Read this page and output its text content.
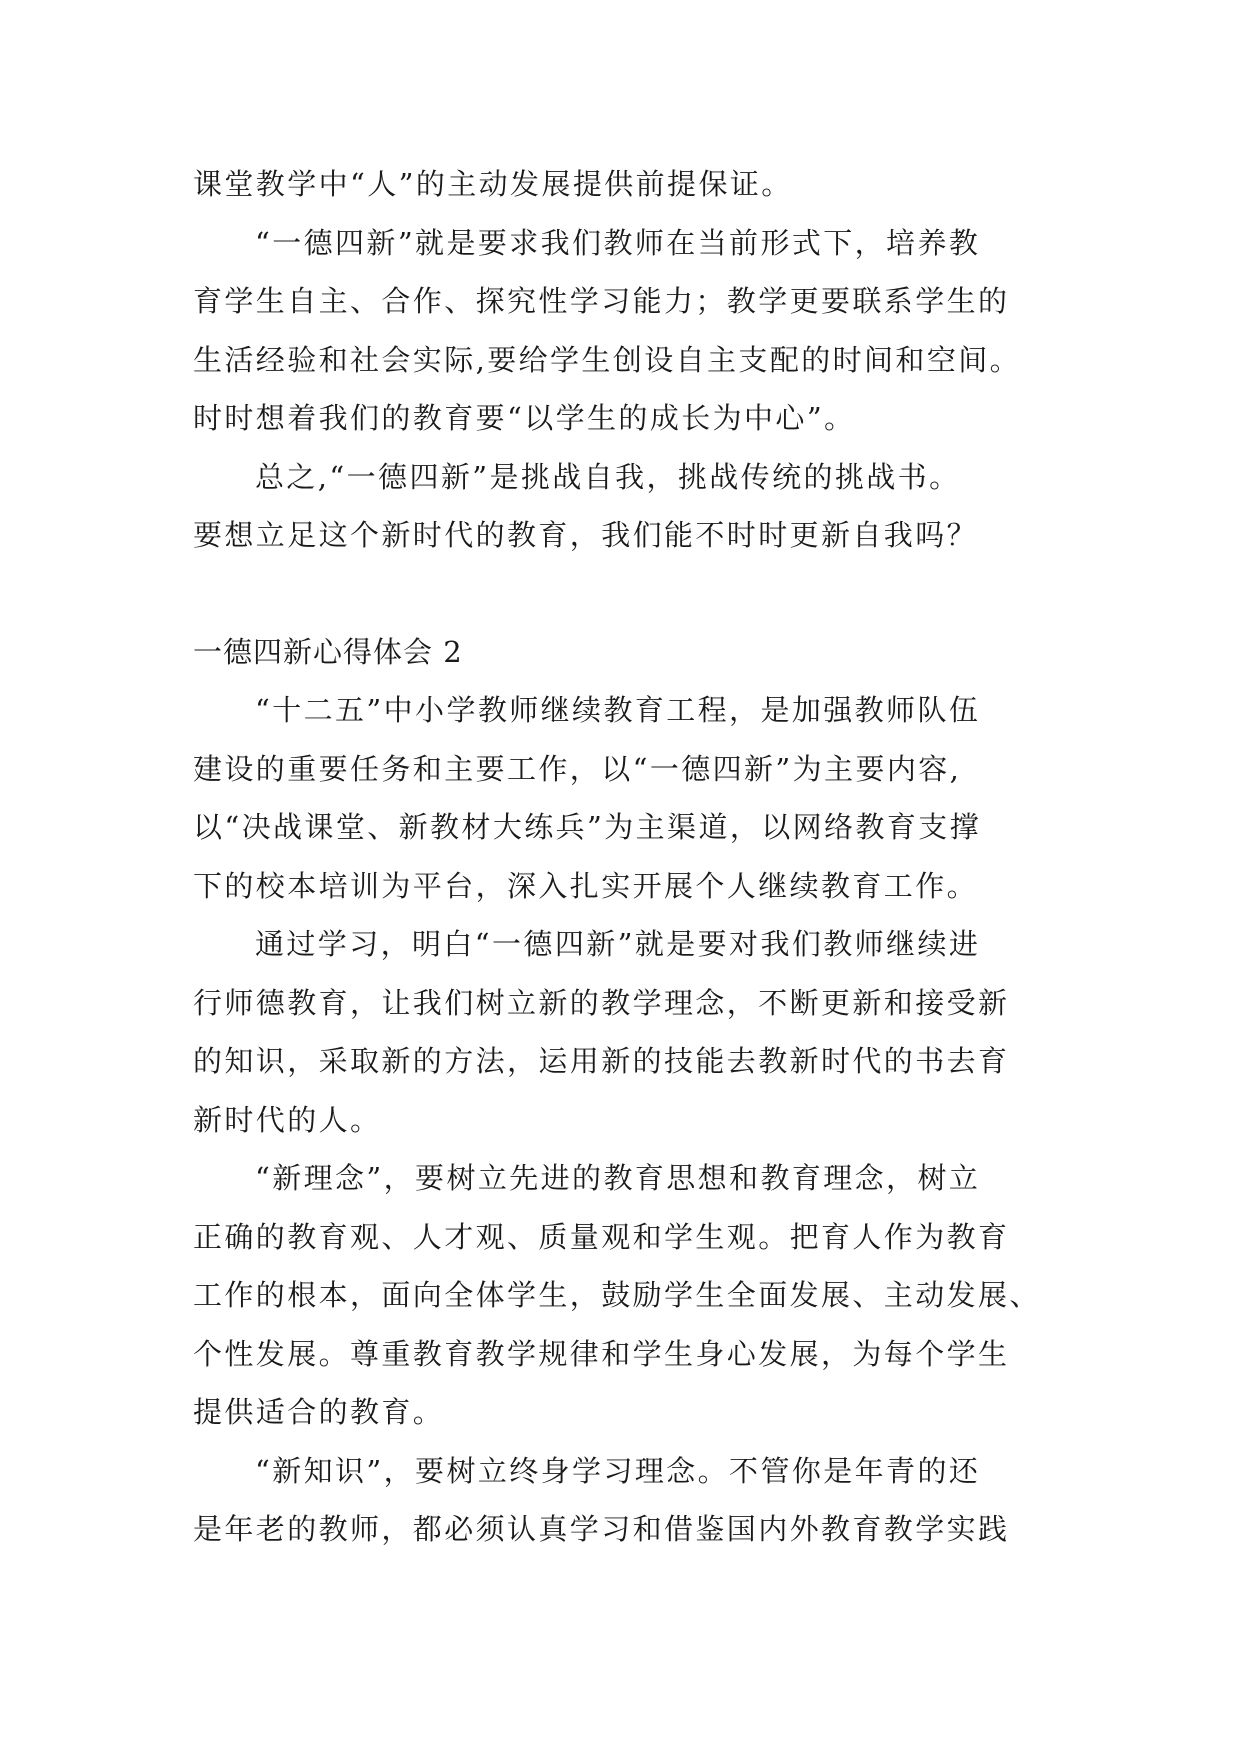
课堂教学中“人”的主动发展提供前提保证。
“一德四新”就是要求我们教师在当前形式下，培养教
育学生自主、合作、探究性学习能力；教学更要联系学生的
生活经验和社会实际,要给学生创设自主支配的时间和空间。
时时想着我们的教育要“以学生的成长为中心”。
总之,“一德四新”是挑战自我，挑战传统的挑战书。
要想立足这个新时代的教育，我们能不时时更新自我吗？
一德四新心得体会 2
“十二五”中小学教师继续教育工程，是加强教师队伍
建设的重要任务和主要工作，以“一德四新”为主要内容,
以“决战课堂、新教材大练兵”为主渠道，以网络教育支撑
下的校本培训为平台，深入扎实开展个人继续教育工作。
通过学习，明白“一德四新”就是要对我们教师继续进
行师德教育，让我们树立新的教学理念，不断更新和接受新
的知识，采取新的方法，运用新的技能去教新时代的书去育
新时代的人。
“新理念”，要树立先进的教育思想和教育理念，树立
正确的教育观、人才观、质量观和学生观。把育人作为教育
工作的根本，面向全体学生，鼓励学生全面发展、主动发展、
个性发展。尊重教育教学规律和学生身心发展，为每个学生
提供适合的教育。
“新知识”，要树立终身学习理念。不管你是年青的还
是年老的教师，都必须认真学习和借鉴国内外教育教学实践
